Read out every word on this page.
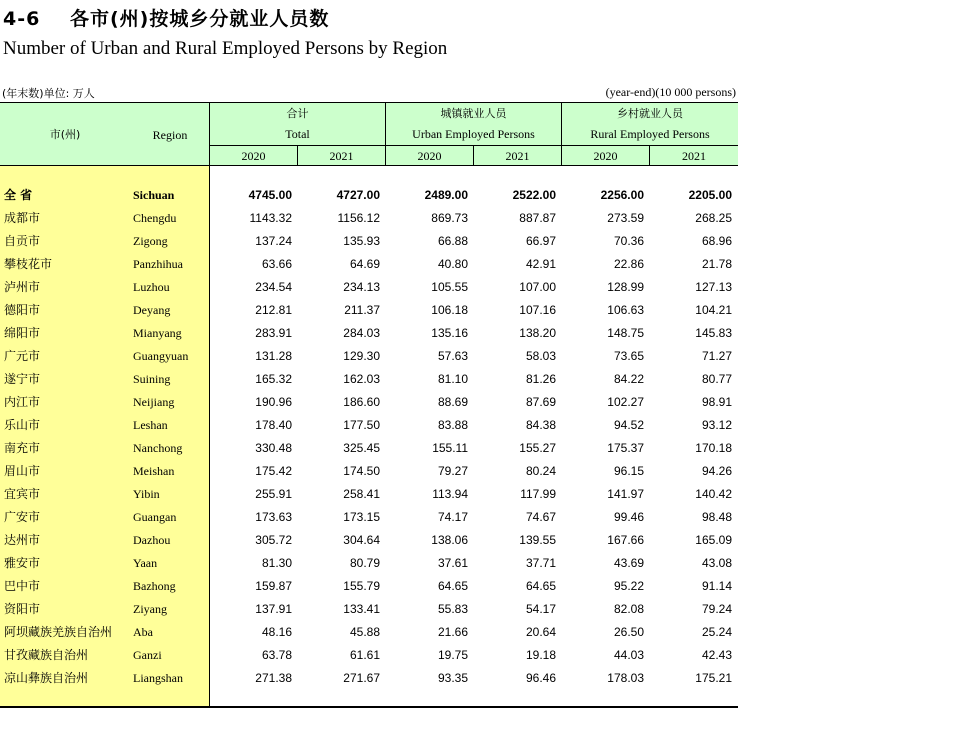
4-6 各市(州)按城乡分就业人员数
Number of Urban and Rural Employed Persons by Region
(年末数)单位: 万人	(year-end)(10 000 persons)
市(州)	Region
合计
Total
城镇就业人员
Urban Employed Persons
乡村就业人员
Rural Employed Persons
2020	2021	2020	2021	2020	2021
全 省	Sichuan	4745.00	4727.00	2489.00	2522.00	2256.00	2205.00
成都市	Chengdu	1143.32	1156.12	869.73	887.87	273.59	268.25
自贡市	Zigong	137.24	135.93	66.88	66.97	70.36	68.96
攀枝花市	Panzhihua	63.66	64.69	40.80	42.91	22.86	21.78
泸州市	Luzhou	234.54	234.13	105.55	107.00	128.99	127.13
德阳市	Deyang	212.81	211.37	106.18	107.16	106.63	104.21
绵阳市	Mianyang	283.91	284.03	135.16	138.20	148.75	145.83
广元市	Guangyuan	131.28	129.30	57.63	58.03	73.65	71.27
遂宁市	Suining	165.32	162.03	81.10	81.26	84.22	80.77
内江市	Neijiang	190.96	186.60	88.69	87.69	102.27	98.91
乐山市	Leshan	178.40	177.50	83.88	84.38	94.52	93.12
南充市	Nanchong	330.48	325.45	155.11	155.27	175.37	170.18
眉山市	Meishan	175.42	174.50	79.27	80.24	96.15	94.26
宜宾市	Yibin	255.91	258.41	113.94	117.99	141.97	140.42
广安市	Guangan	173.63	173.15	74.17	74.67	99.46	98.48
达州市	Dazhou	305.72	304.64	138.06	139.55	167.66	165.09
雅安市	Yaan	81.30	80.79	37.61	37.71	43.69	43.08
巴中市	Bazhong	159.87	155.79	64.65	64.65	95.22	91.14
资阳市	Ziyang	137.91	133.41	55.83	54.17	82.08	79.24
阿坝藏族羌族自治州 Aba	48.16	45.88	21.66	20.64	26.50	25.24
甘孜藏族自治州	Ganzi	63.78	61.61	19.75	19.18	44.03	42.43
凉山彝族自治州	Liangshan	271.38	271.67	93.35	96.46	178.03	175.21
